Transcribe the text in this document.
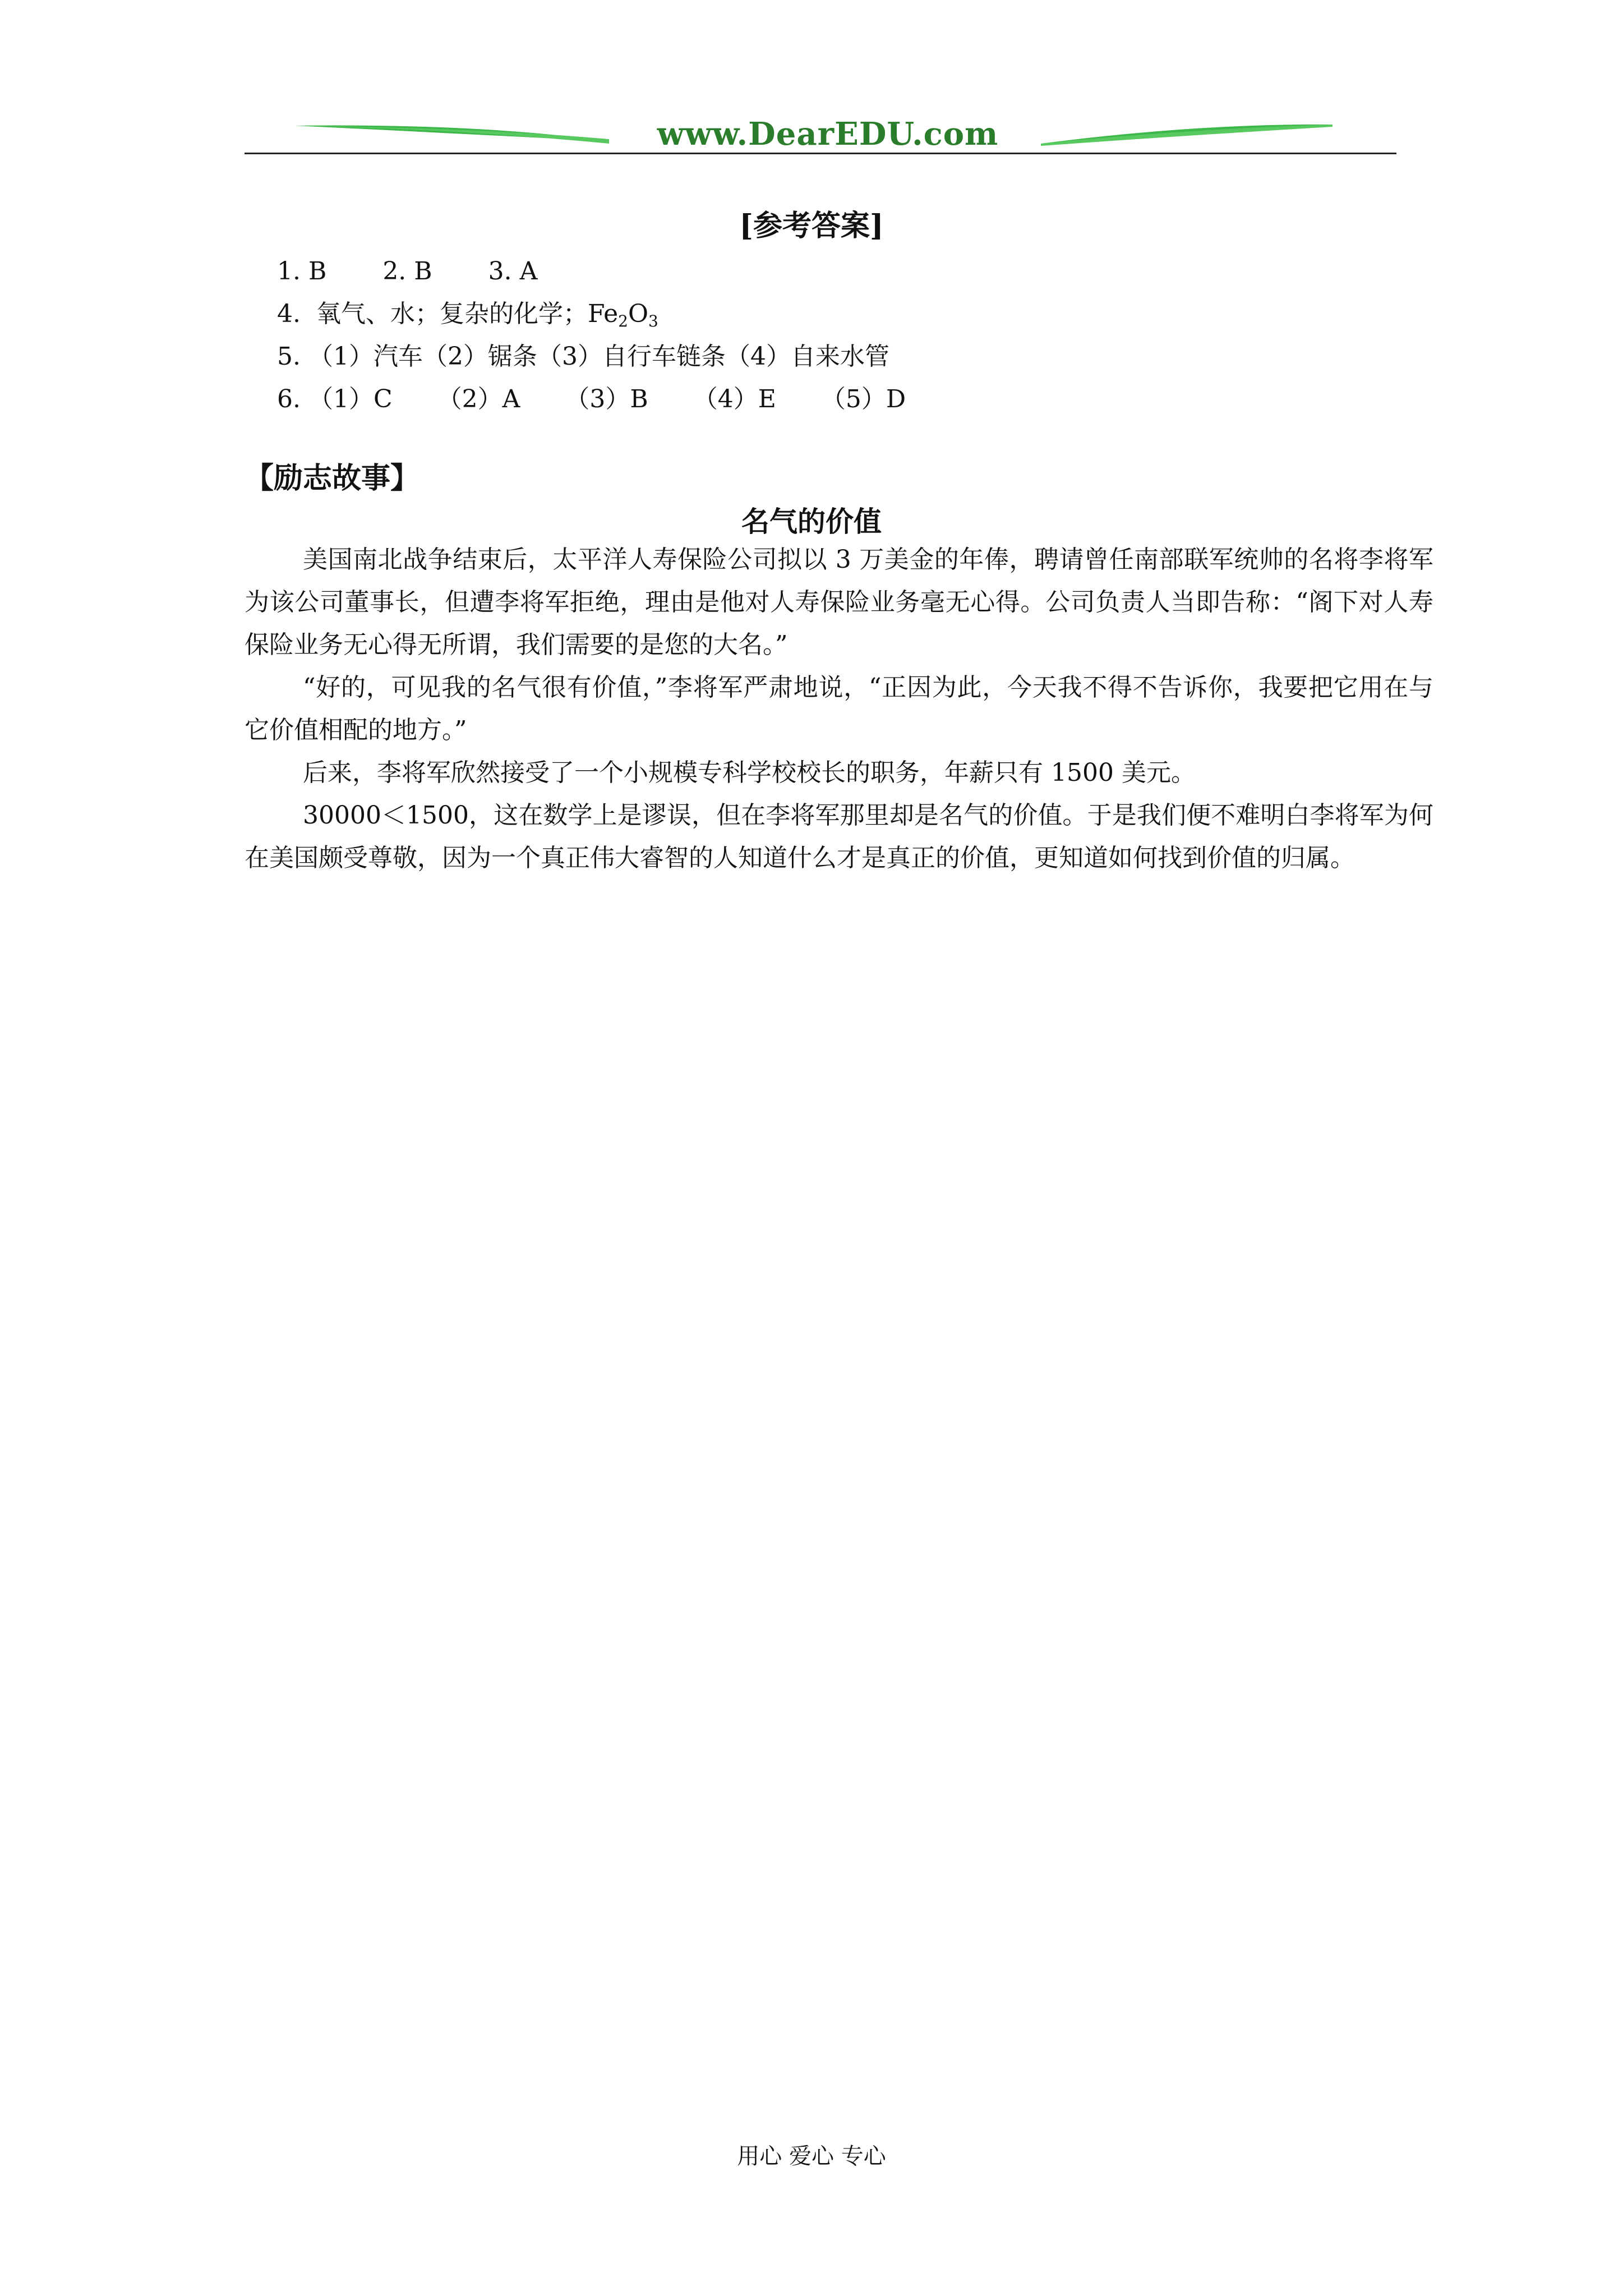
www.DearEDU.com
[参考答案]
1. B 2. B 3. A
4.  氧气、水；复杂的化学；$Fe_2O_3$
5. （1）汽车（2）锯条（3）自行车链条（4）自来水管
6. （1）C （2）A （3）B （4）E （5）D
【励志故事】
名气的价值

美国南北战争结束后，太平洋人寿保险公司拟以 3 万美金的年俸，聘请曾任南部联军统帅的名将李将军为该公司董事长，但遭李将军拒绝，理由是他对人寿保险业务毫无心得。公司负责人当即告称：“阁下对人寿保险业务无心得无所谓，我们需要的是您的大名。”

“好的，可见我的名气很有价值，”李将军严肃地说，“正因为此，今天我不得不告诉你，我要把它用在与它价值相配的地方。”

后来，李将军欣然接受了一个小规模专科学校校长的职务，年薪只有 1500 美元。

30000＜1500，这在数学上是谬误，但在李将军那里却是名气的价值。于是我们便不难明白李将军为何在美国颇受尊敬，因为一个真正伟大睿智的人知道什么才是真正的价值，更知道如何找到价值的归属。

用心 爱心 专心
